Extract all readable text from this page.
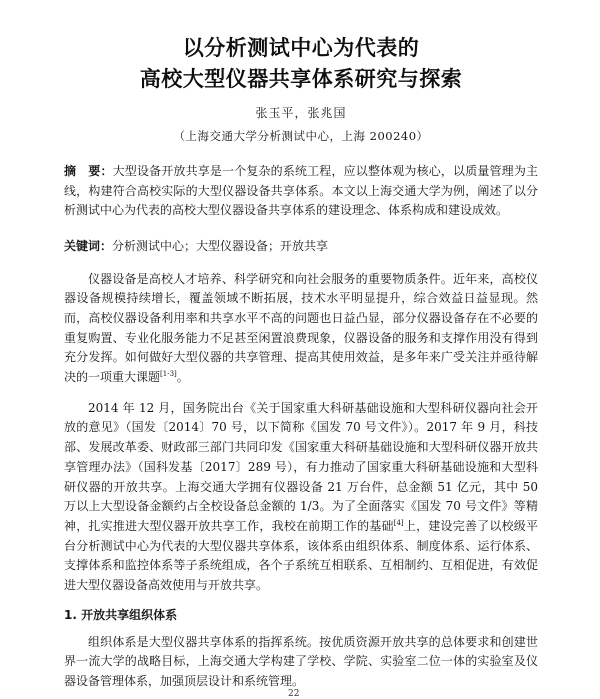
以分析测试中心为代表的
高校大型仪器共享体系研究与探索
张玉平，张兆国
（上海交通大学分析测试中心，上海 200240）
摘　要：大型设备开放共享是一个复杂的系统工程，应以整体观为核心，以质量管理为主线，构建符合高校实际的大型仪器设备共享体系。本文以上海交通大学为例，阐述了以分析测试中心为代表的高校大型仪器设备共享体系的建设理念、体系构成和建设成效。
关键词：分析测试中心；大型仪器设备；开放共享

仪器设备是高校人才培养、科学研究和向社会服务的重要物质条件。近年来，高校仪器设备规模持续增长，覆盖领域不断拓展，技术水平明显提升，综合效益日益显现。然而，高校仪器设备利用率和共享水平不高的问题也日益凸显，部分仪器设备存在不必要的重复购置、专业化服务能力不足甚至闲置浪费现象，仪器设备的服务和支撑作用没有得到充分发挥。如何做好大型仪器的共享管理、提高其使用效益，是多年来广受关注并亟待解决的一项重大课题[1-3]。

2014 年 12 月，国务院出台《关于国家重大科研基础设施和大型科研仪器向社会开放的意见》（国发〔2014〕70 号，以下简称《国发 70 号文件》）。2017 年 9 月，科技部、发展改革委、财政部三部门共同印发《国家重大科研基础设施和大型科研仪器开放共享管理办法》（国科发基〔2017〕289 号），有力推动了国家重大科研基础设施和大型科研仪器的开放共享。上海交通大学拥有仪器设备 21 万台件，总金额 51 亿元，其中 50 万以上大型设备金额约占全校设备总金额的 1/3。为了全面落实《国发 70 号文件》等精神，扎实推进大型仪器开放共享工作，我校在前期工作的基础[4]上，建设完善了以校级平台分析测试中心为代表的大型仪器共享体系，该体系由组织体系、制度体系、运行体系、支撑体系和监控体系等子系统组成，各个子系统互相联系、互相制约、互相促进，有效促进大型仪器设备高效使用与开放共享。

1. 开放共享组织体系

组织体系是大型仪器共享体系的指挥系统。按优质资源开放共享的总体要求和创建世界一流大学的战略目标，上海交通大学构建了学校、学院、实验室二位一体的实验室及仪器设备管理体系，加强顶层设计和系统管理。

22
